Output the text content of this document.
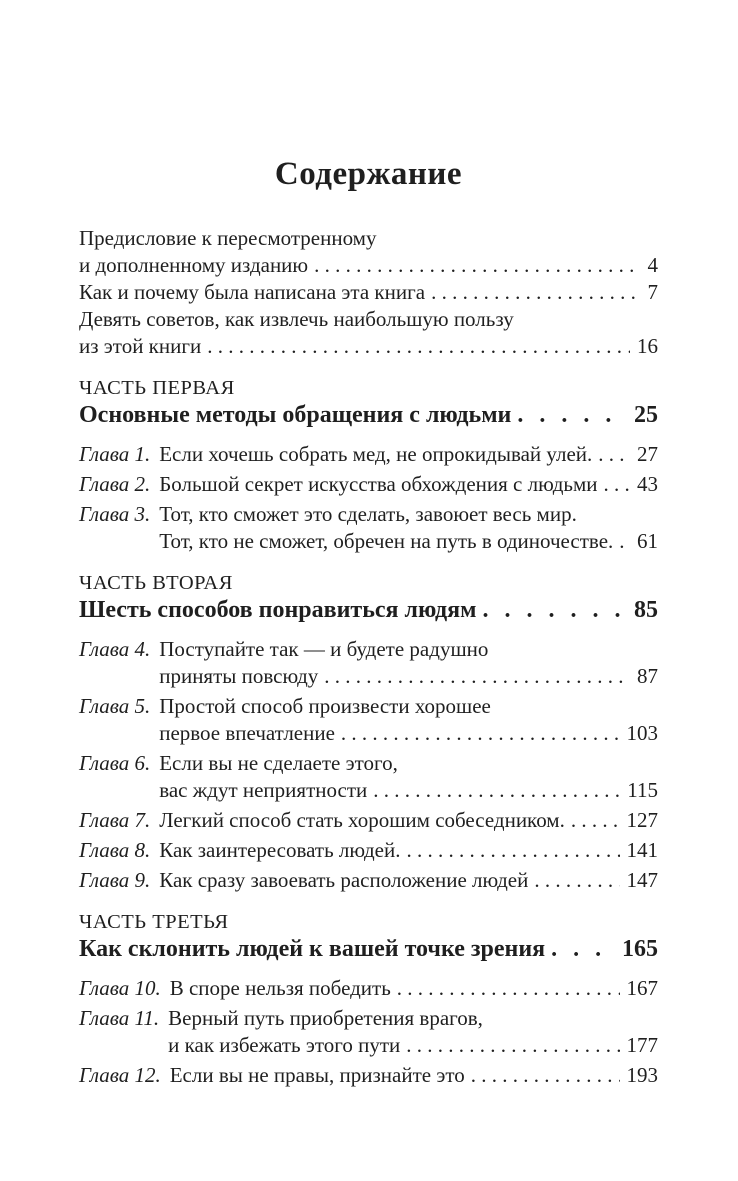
Содержание
Предисловие к пересмотренному
и дополненному изданию . . .	4
Как и почему была написана эта книга . . .	7
Девять советов, как извлечь наибольшую пользу
из этой книги . . .	16
ЧАСТЬ ПЕРВАЯ
Основные методы обращения с людьми . . .	25
Глава 1. Если хочешь собрать мед, не опрокидывай улей. . . .	27
Глава 2. Большой секрет искусства обхождения с людьми . . .	43
Глава 3. Тот, кто сможет это сделать, завоюет весь мир.
Тот, кто не сможет, обречен на путь в одиночестве. . . .	61
ЧАСТЬ ВТОРАЯ
Шесть способов понравиться людям . . .	85
Глава 4. Поступайте так — и будете радушно
приняты повсюду . . .	87
Глава 5. Простой способ произвести хорошее
первое впечатление . . .	103
Глава 6. Если вы не сделаете этого,
вас ждут неприятности . . .	115
Глава 7. Легкий способ стать хорошим собеседником. . . .	127
Глава 8. Как заинтересовать людей. . . .	141
Глава 9. Как сразу завоевать расположение людей . . .	147
ЧАСТЬ ТРЕТЬЯ
Как склонить людей к вашей точке зрения . . .	165
Глава 10. В споре нельзя победить . . .	167
Глава 11. Верный путь приобретения врагов,
и как избежать этого пути . . .	177
Глава 12. Если вы не правы, признайте это . . .	193
